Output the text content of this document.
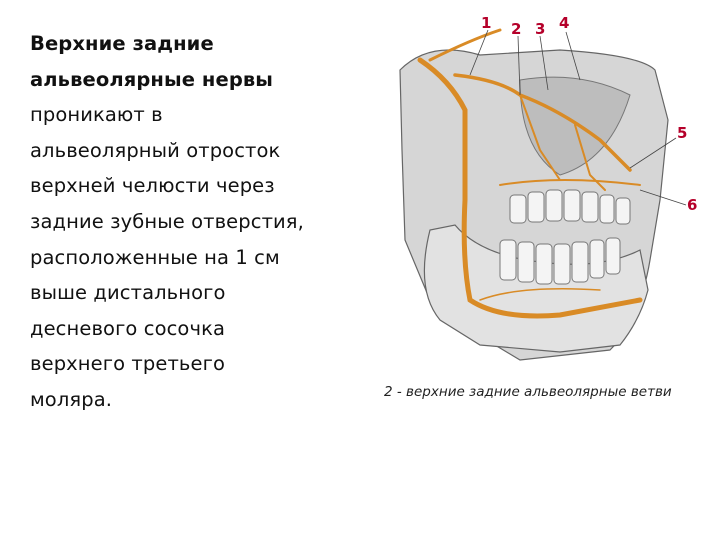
Верхние задние
альвеолярные нервы
проникают в
альвеолярный отросток
верхней челюсти через
задние зубные отверстия,
расположенные на 1 см
выше дистального
десневого сосочка
верхнего третьего
моляра.
1 2 3 4
5
6
2 - верхние задние альвеолярные ветви
